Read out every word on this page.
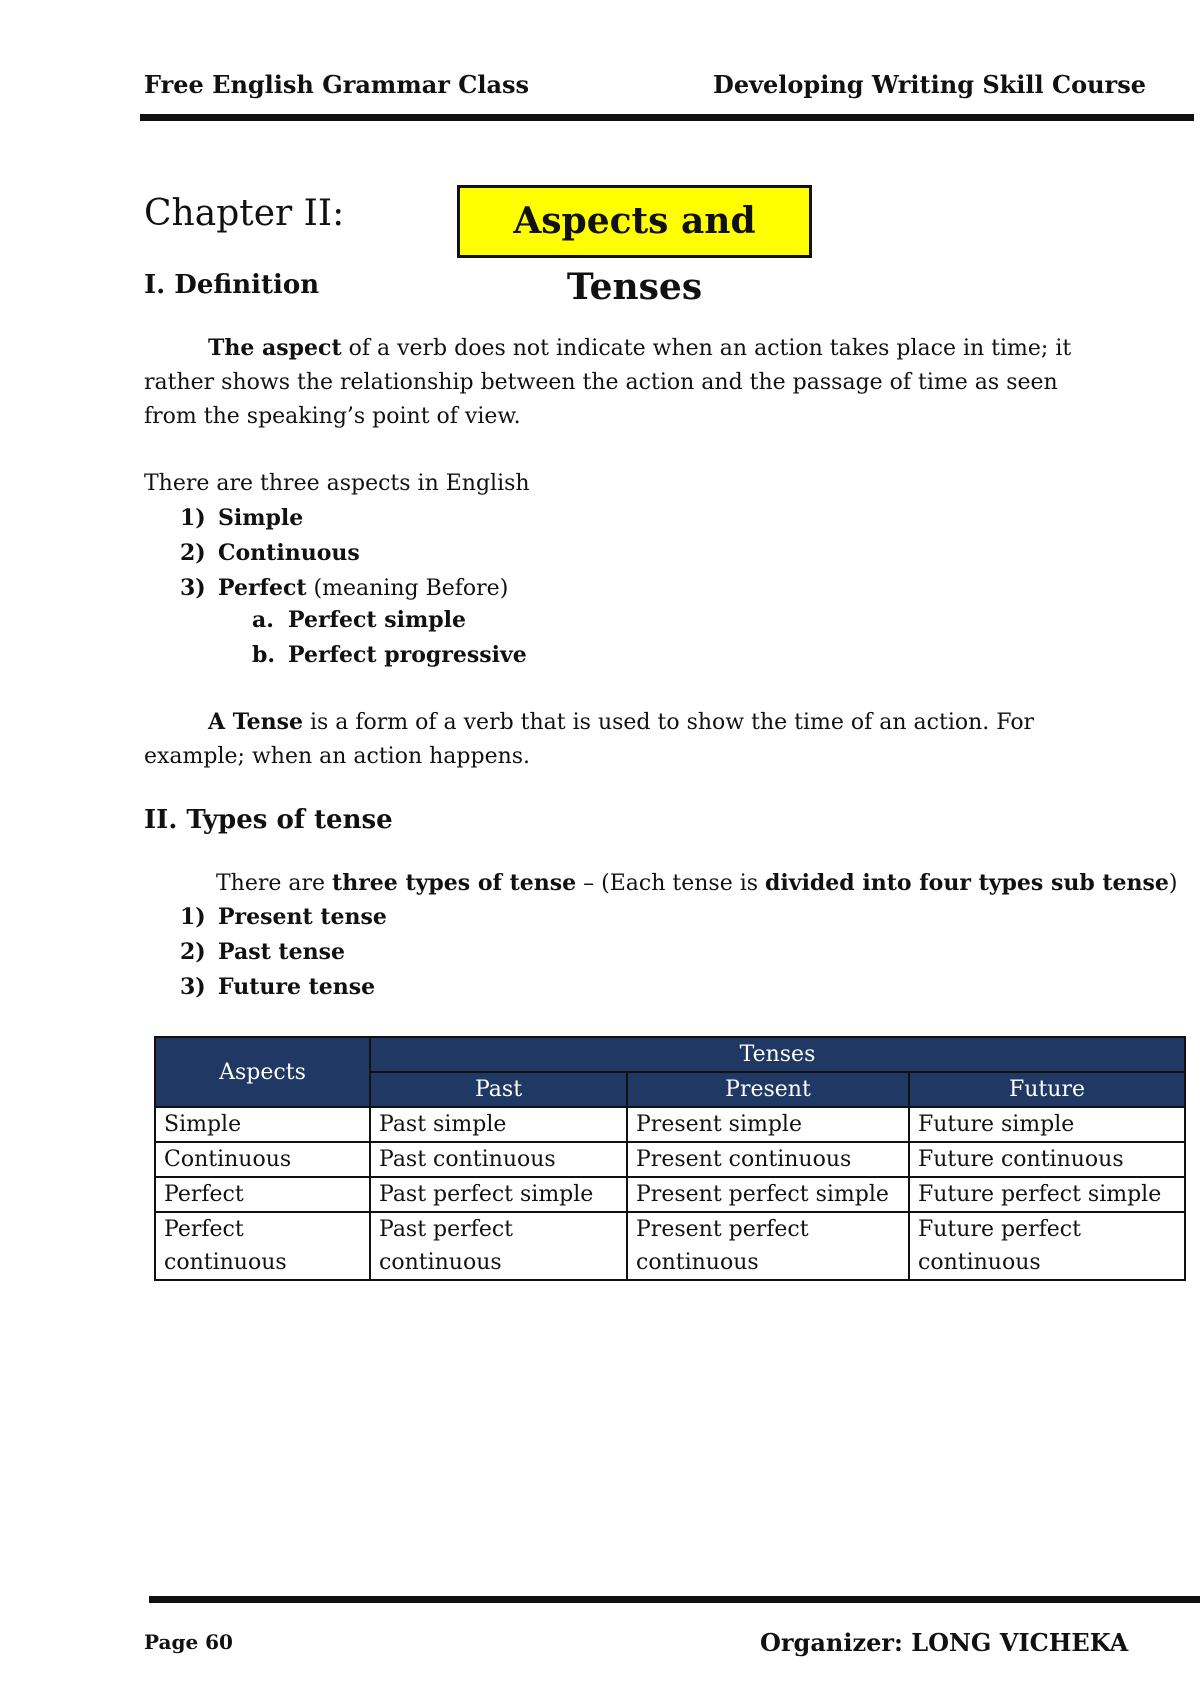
Free English Grammar Class	Developing Writing Skill Course
Chapter II:	Aspects and Tenses
I. Definition
The aspect of a verb does not indicate when an action takes place in time; it rather shows the relationship between the action and the passage of time as seen from the speaking’s point of view.
There are three aspects in English
1) Simple
2) Continuous
3) Perfect (meaning Before)
a. Perfect simple
b. Perfect progressive
A Tense is a form of a verb that is used to show the time of an action. For example; when an action happens.
II. Types of tense
There are three types of tense – (Each tense is divided into four types sub tense)
1) Present tense
2) Past tense
3) Future tense
Aspects	Tenses		
	Past	Present	Future
Simple	Past simple	Present simple	Future simple
Continuous	Past continuous	Present continuous	Future continuous
Perfect	Past perfect simple	Present perfect simple	Future perfect simple
Perfect continuous	Past perfect continuous	Present perfect continuous	Future perfect continuous
Page 60	Organizer: LONG VICHEKA
